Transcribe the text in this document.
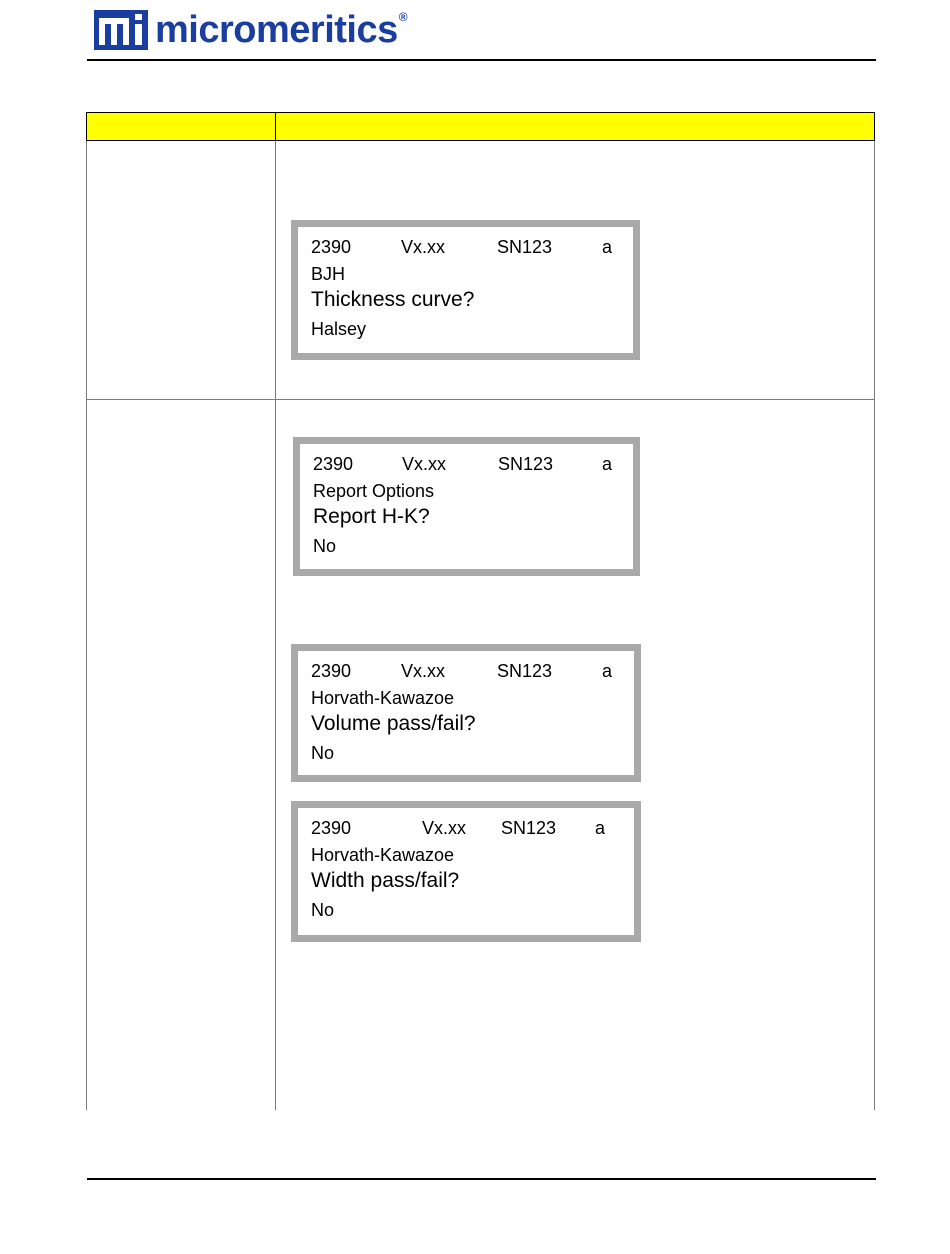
micromeritics®
2390	Vx.xx	SN123	a
BJH
Thickness curve?
Halsey
2390	Vx.xx	SN123	a
Report Options
Report H-K?
No
2390	Vx.xx	SN123	a
Horvath-Kawazoe
Volume pass/fail?
No
2390	Vx.xx SN123 a
Horvath-Kawazoe
Width pass/fail?
No
